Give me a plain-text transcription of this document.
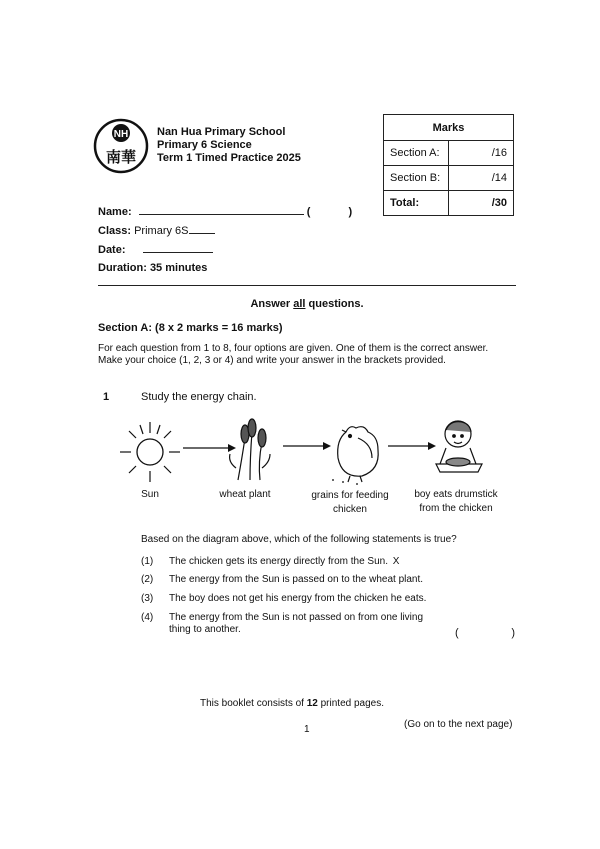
NH
南華
Nan Hua Primary School
Primary 6 Science
Term 1 Timed Practice 2025
Marks	
Section A:	/16
Section B:	/14
Total:	/30
Name:	(	)
Class: Primary 6S
Date:
Duration: 35 minutes
Answer all questions.
Section A: (8 x 2 marks = 16 marks)
For each question from 1 to 8, four options are given. One of them is the correct answer.
Make your choice (1, 2, 3 or 4) and write your answer in the brackets provided.
1	Study the energy chain.
Sun	wheat plant	grains for feeding
chicken
boy eats drumstick
from the chicken
Based on the diagram above, which of the following statements is true?
(1) The chicken gets its energy directly from the Sun. X
(2) The energy from the Sun is passed on to the wheat plant.
(3) The boy does not get his energy from the chicken he eats.
(4) The energy from the Sun is not passed on from one living
thing to another.	(	)
This booklet consists of 12 printed pages.
1	(Go on to the next page)
